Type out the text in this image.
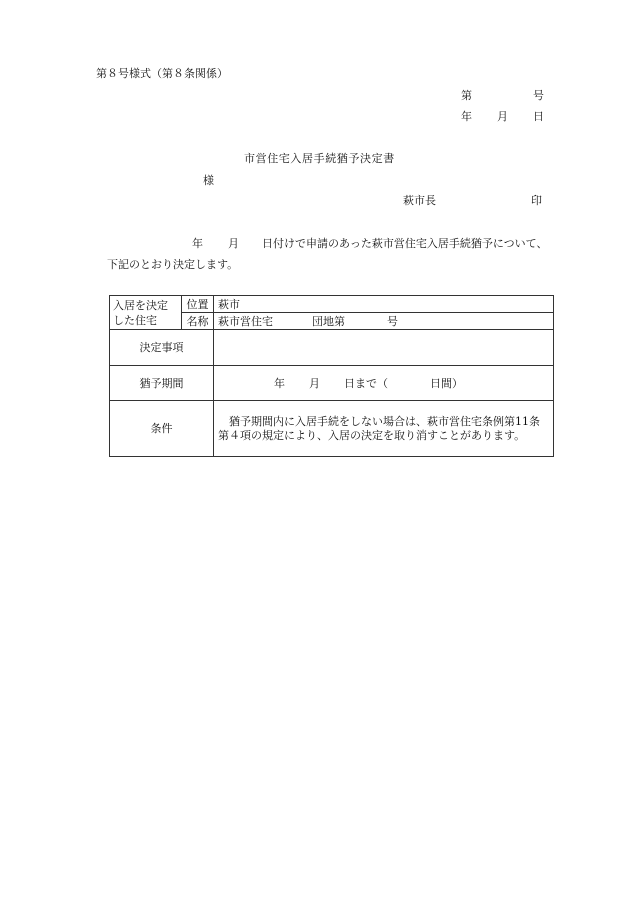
第８号様式（第８条関係）
第	号
年 月 日
市営住宅入居手続猶予決定書
様
萩市長	印
年 月 日付けで申請のあった萩市営住宅入居手続猶予について、
下記のとおり決定します。
入居を決定
した住宅	位置	萩市
	名称	萩市営住宅 団地第 号
決定事項		
猶予期間		年 月 日まで（ 日間）
条件		　猶予期間内に入居手続をしない場合は、萩市営住宅条例第11条第４項の規定により、入居の決定を取り消すことがあります。
